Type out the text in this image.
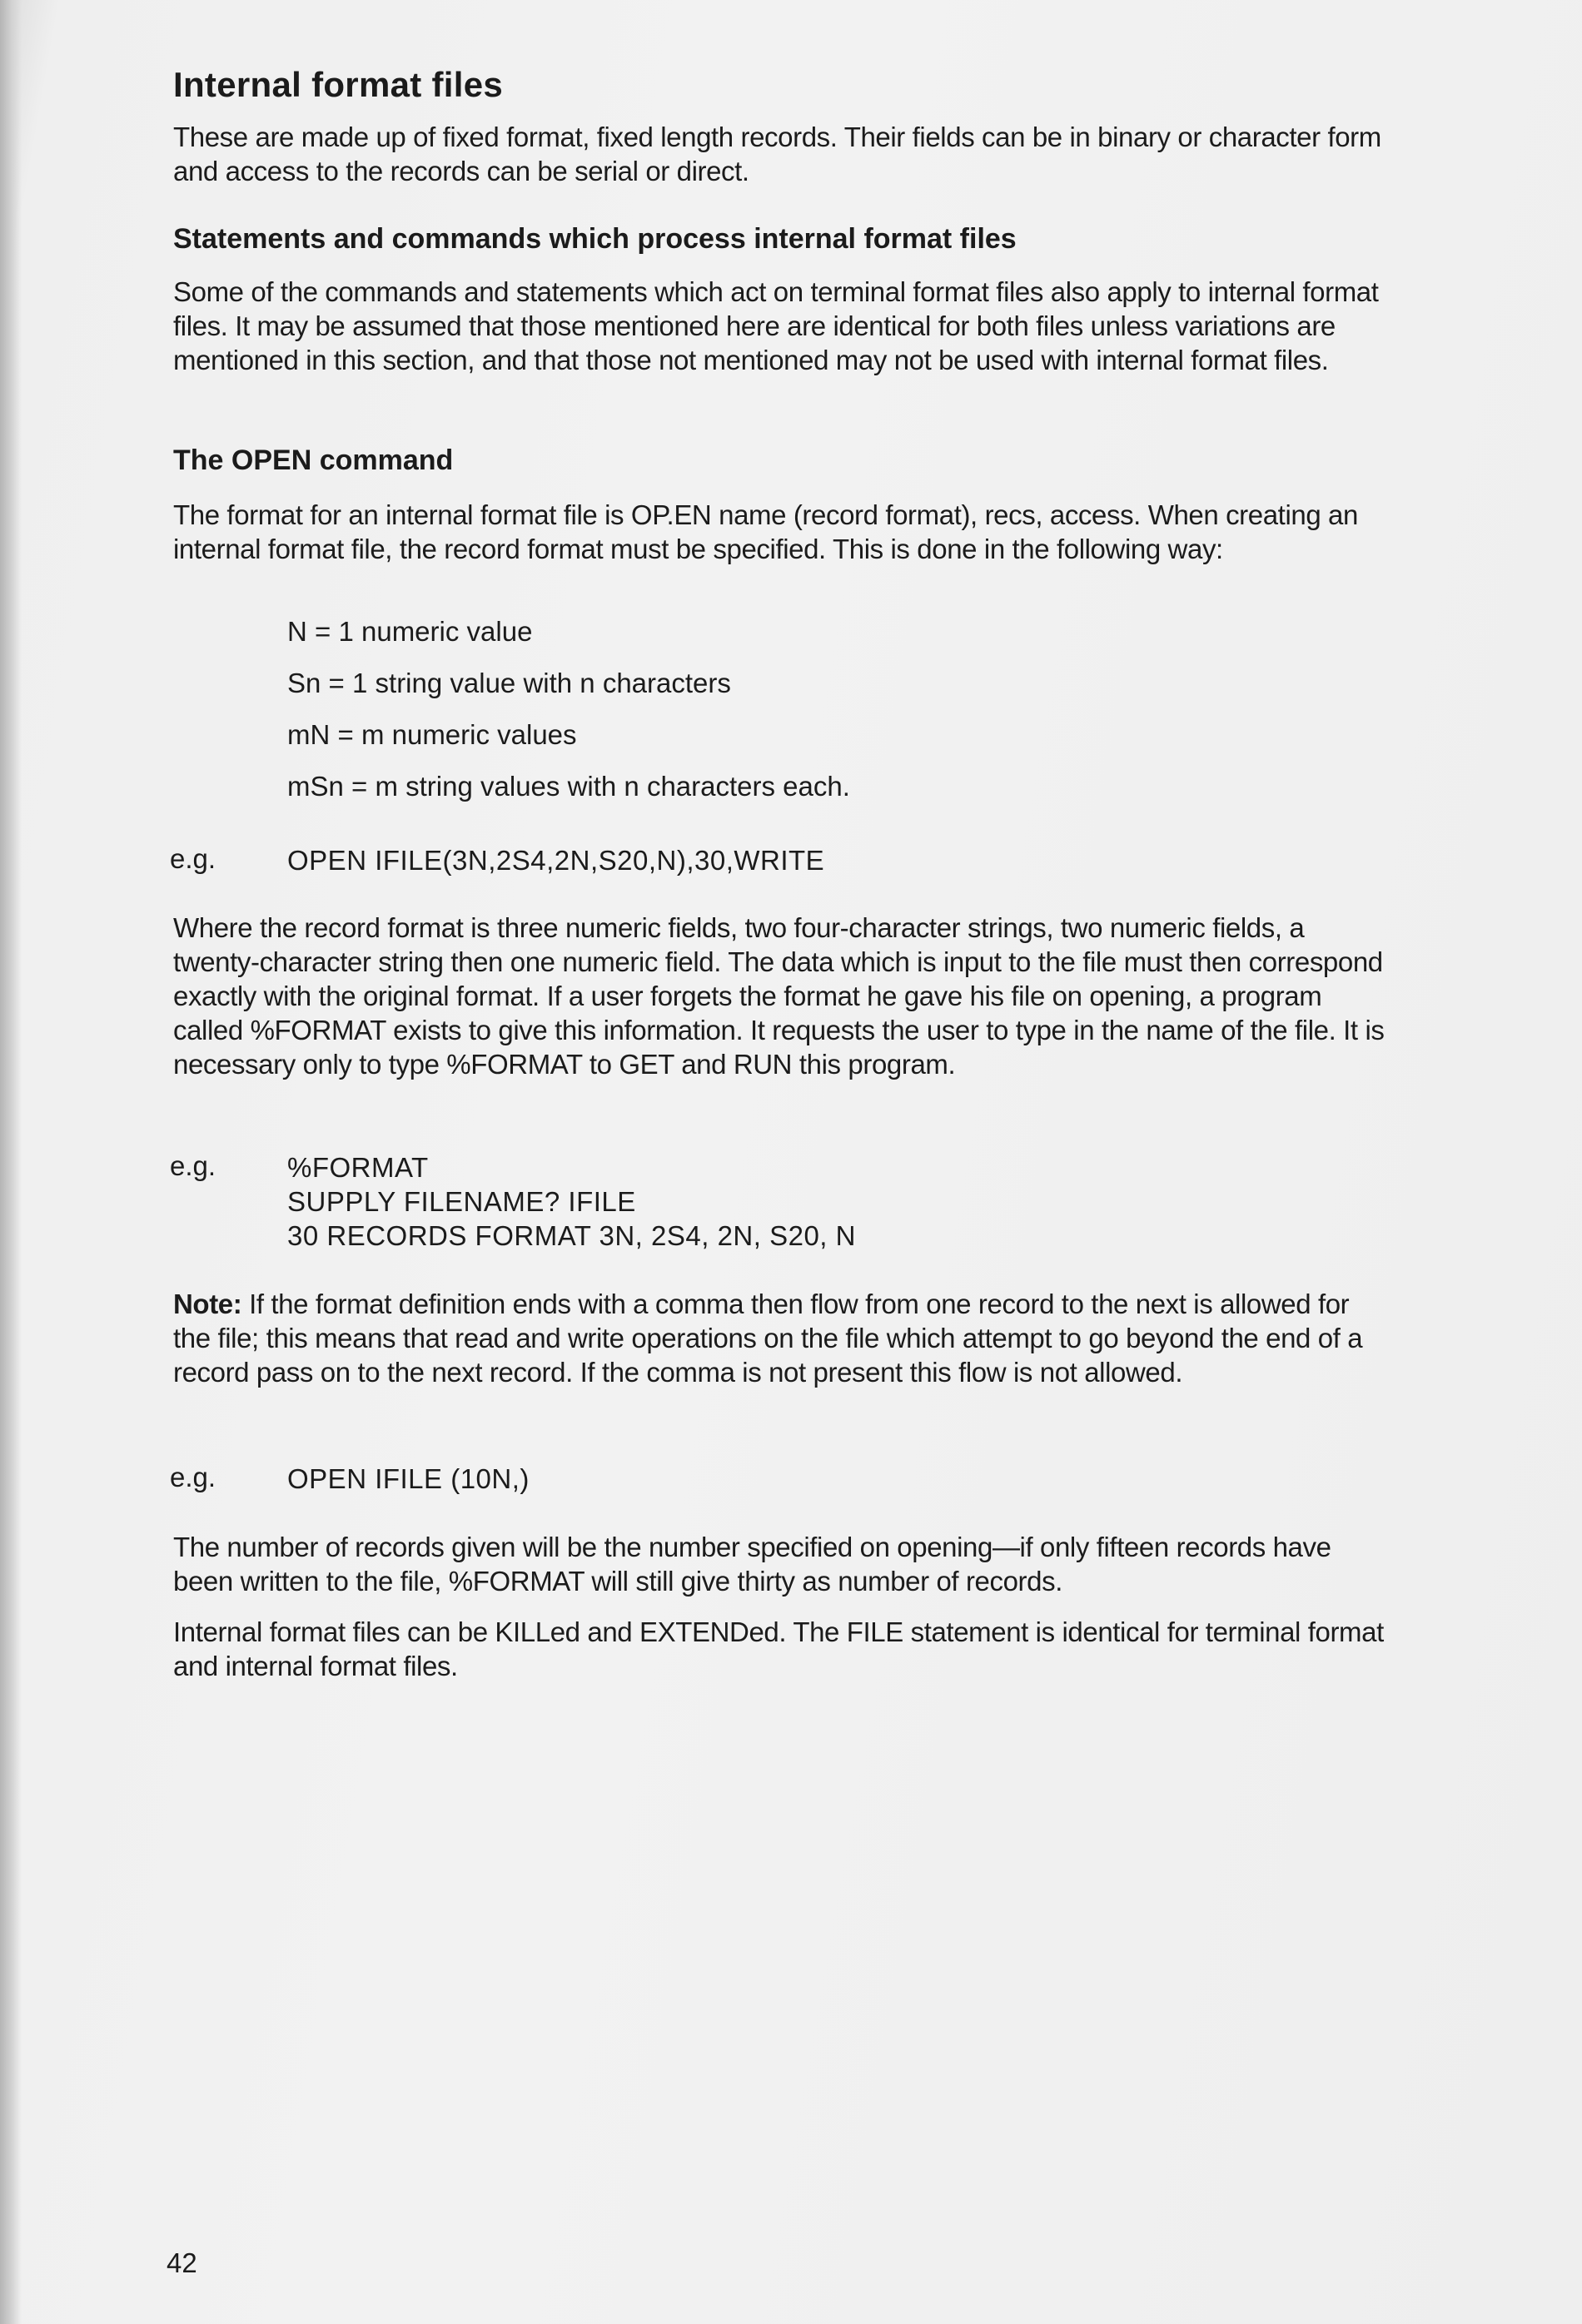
Internal format files

These are made up of fixed format, fixed length records. Their fields can be in binary or character form and access to the records can be serial or direct.

Statements and commands which process internal format files

Some of the commands and statements which act on terminal format files also apply to internal format files. It may be assumed that those mentioned here are identical for both files unless variations are mentioned in this section, and that those not mentioned may not be used with internal format files.

The OPEN command

The format for an internal format file is OP.EN name (record format), recs, access. When creating an internal format file, the record format must be specified. This is done in the following way:

N = 1 numeric value
Sn = 1 string value with n characters
mN = m numeric values
mSn = m string values with n characters each.
e.g.	OPEN IFILE(3N,2S4,2N,S20,N),30,WRITE

Where the record format is three numeric fields, two four-character strings, two numeric fields, a twenty-character string then one numeric field. The data which is input to the file must then correspond exactly with the original format. If a user forgets the format he gave his file on opening, a program called %FORMAT exists to give this information. It requests the user to type in the name of the file. It is necessary only to type %FORMAT to GET and RUN this program.

e.g.	%FORMAT
SUPPLY FILENAME? IFILE
30 RECORDS FORMAT 3N, 2S4, 2N, S20, N

Note: If the format definition ends with a comma then flow from one record to the next is allowed for the file; this means that read and write operations on the file which attempt to go beyond the end of a record pass on to the next record. If the comma is not present this flow is not allowed.

e.g.	OPEN IFILE (10N,)

The number of records given will be the number specified on opening—if only fifteen records have been written to the file, %FORMAT will still give thirty as number of records.

Internal format files can be KILLed and EXTENDed. The FILE statement is identical for terminal format and internal format files.

42
